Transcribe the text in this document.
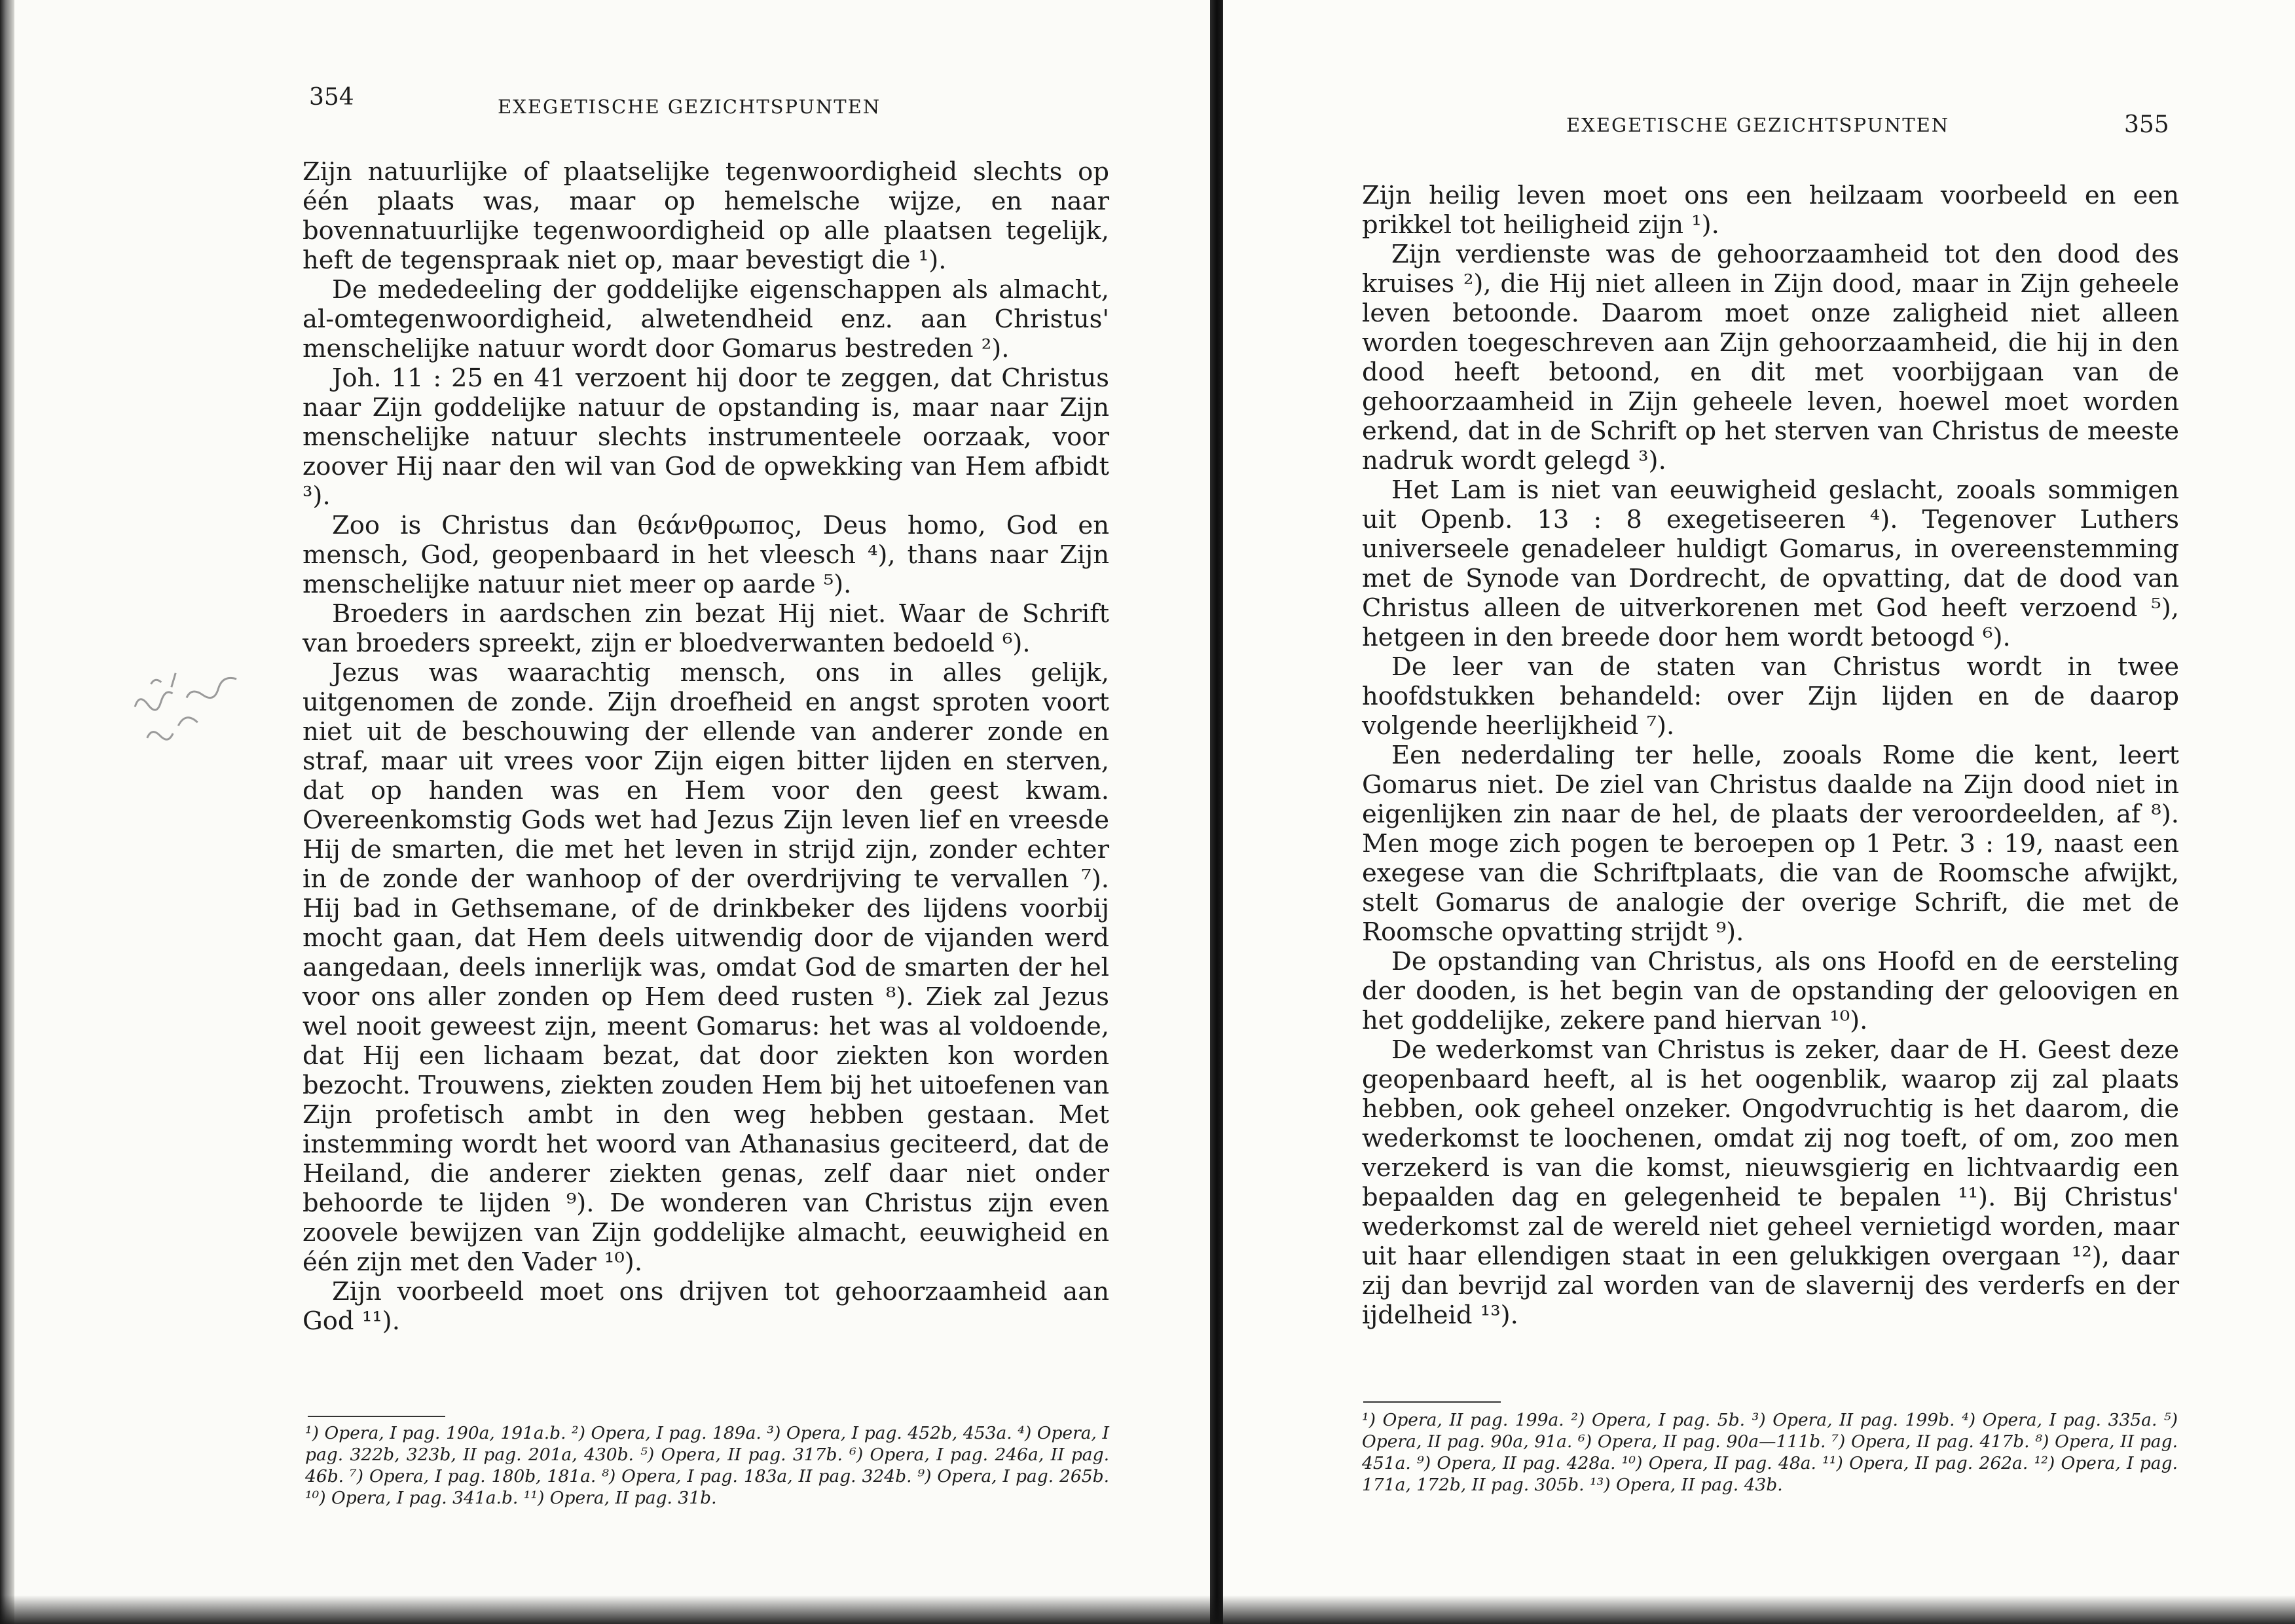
354	EXEGETISCHE GEZICHTSPUNTEN

Zijn natuurlijke of plaatselijke tegenwoordigheid slechts op één plaats was, maar op hemelsche wijze, en naar bovennatuurlijke tegenwoordigheid op alle plaatsen tegelijk, heft de tegenspraak niet op, maar bevestigt die ¹).

De mededeeling der goddelijke eigenschappen als almacht, al-omtegenwoordigheid, alwetendheid enz. aan Christus' menschelijke natuur wordt door Gomarus bestreden ²).

Joh. 11 : 25 en 41 verzoent hij door te zeggen, dat Christus naar Zijn goddelijke natuur de opstanding is, maar naar Zijn menschelijke natuur slechts instrumenteele oorzaak, voor zoover Hij naar den wil van God de opwekking van Hem afbidt ³).

Zoo is Christus dan θεάνθρωπος, Deus homo, God en mensch, God, geopenbaard in het vleesch ⁴), thans naar Zijn menschelijke natuur niet meer op aarde ⁵).

Broeders in aardschen zin bezat Hij niet. Waar de Schrift van broeders spreekt, zijn er bloedverwanten bedoeld ⁶).

Jezus was waarachtig mensch, ons in alles gelijk, uitgenomen de zonde. Zijn droefheid en angst sproten voort niet uit de beschouwing der ellende van anderer zonde en straf, maar uit vrees voor Zijn eigen bitter lijden en sterven, dat op handen was en Hem voor den geest kwam. Overeenkomstig Gods wet had Jezus Zijn leven lief en vreesde Hij de smarten, die met het leven in strijd zijn, zonder echter in de zonde der wanhoop of der overdrijving te vervallen ⁷). Hij bad in Gethsemane, of de drinkbeker des lijdens voorbij mocht gaan, dat Hem deels uitwendig door de vijanden werd aangedaan, deels innerlijk was, omdat God de smarten der hel voor ons aller zonden op Hem deed rusten ⁸). Ziek zal Jezus wel nooit geweest zijn, meent Gomarus: het was al voldoende, dat Hij een lichaam bezat, dat door ziekten kon worden bezocht. Trouwens, ziekten zouden Hem bij het uitoefenen van Zijn profetisch ambt in den weg hebben gestaan. Met instemming wordt het woord van Athanasius geciteerd, dat de Heiland, die anderer ziekten genas, zelf daar niet onder behoorde te lijden ⁹). De wonderen van Christus zijn even zoovele bewijzen van Zijn goddelijke almacht, eeuwigheid en één zijn met den Vader ¹⁰).

Zijn voorbeeld moet ons drijven tot gehoorzaamheid aan God ¹¹).

¹) Opera, I pag. 190a, 191a.b. ²) Opera, I pag. 189a. ³) Opera, I pag. 452b, 453a. ⁴) Opera, I pag. 322b, 323b, II pag. 201a, 430b. ⁵) Opera, II pag. 317b. ⁶) Opera, I pag. 246a, II pag. 46b. ⁷) Opera, I pag. 180b, 181a. ⁸) Opera, I pag. 183a, II pag. 324b. ⁹) Opera, I pag. 265b. ¹⁰) Opera, I pag. 341a.b. ¹¹) Opera, II pag. 31b.
EXEGETISCHE GEZICHTSPUNTEN	355

Zijn heilig leven moet ons een heilzaam voorbeeld en een prikkel tot heiligheid zijn ¹).

Zijn verdienste was de gehoorzaamheid tot den dood des kruises ²), die Hij niet alleen in Zijn dood, maar in Zijn geheele leven betoonde. Daarom moet onze zaligheid niet alleen worden toegeschreven aan Zijn gehoorzaamheid, die hij in den dood heeft betoond, en dit met voorbijgaan van de gehoorzaamheid in Zijn geheele leven, hoewel moet worden erkend, dat in de Schrift op het sterven van Christus de meeste nadruk wordt gelegd ³).

Het Lam is niet van eeuwigheid geslacht, zooals sommigen uit Openb. 13 : 8 exegetiseeren ⁴). Tegenover Luthers universeele genadeleer huldigt Gomarus, in overeenstemming met de Synode van Dordrecht, de opvatting, dat de dood van Christus alleen de uitverkorenen met God heeft verzoend ⁵), hetgeen in den breede door hem wordt betoogd ⁶).

De leer van de staten van Christus wordt in twee hoofdstukken behandeld: over Zijn lijden en de daarop volgende heerlijkheid ⁷).

Een nederdaling ter helle, zooals Rome die kent, leert Gomarus niet. De ziel van Christus daalde na Zijn dood niet in eigenlijken zin naar de hel, de plaats der veroordeelden, af ⁸). Men moge zich pogen te beroepen op 1 Petr. 3 : 19, naast een exegese van die Schriftplaats, die van de Roomsche afwijkt, stelt Gomarus de analogie der overige Schrift, die met de Roomsche opvatting strijdt ⁹).

De opstanding van Christus, als ons Hoofd en de eersteling der dooden, is het begin van de opstanding der geloovigen en het goddelijke, zekere pand hiervan ¹⁰).

De wederkomst van Christus is zeker, daar de H. Geest deze geopenbaard heeft, al is het oogenblik, waarop zij zal plaats hebben, ook geheel onzeker. Ongodvruchtig is het daarom, die wederkomst te loochenen, omdat zij nog toeft, of om, zoo men verzekerd is van die komst, nieuwsgierig en lichtvaardig een bepaalden dag en gelegenheid te bepalen ¹¹). Bij Christus' wederkomst zal de wereld niet geheel vernietigd worden, maar uit haar ellendigen staat in een gelukkigen overgaan ¹²), daar zij dan bevrijd zal worden van de slavernij des verderfs en der ijdelheid ¹³).

¹) Opera, II pag. 199a. ²) Opera, I pag. 5b. ³) Opera, II pag. 199b. ⁴) Opera, I pag. 335a. ⁵) Opera, II pag. 90a, 91a. ⁶) Opera, II pag. 90a—111b. ⁷) Opera, II pag. 417b. ⁸) Opera, II pag. 451a. ⁹) Opera, II pag. 428a. ¹⁰) Opera, II pag. 48a. ¹¹) Opera, II pag. 262a. ¹²) Opera, I pag. 171a, 172b, II pag. 305b. ¹³) Opera, II pag. 43b.
